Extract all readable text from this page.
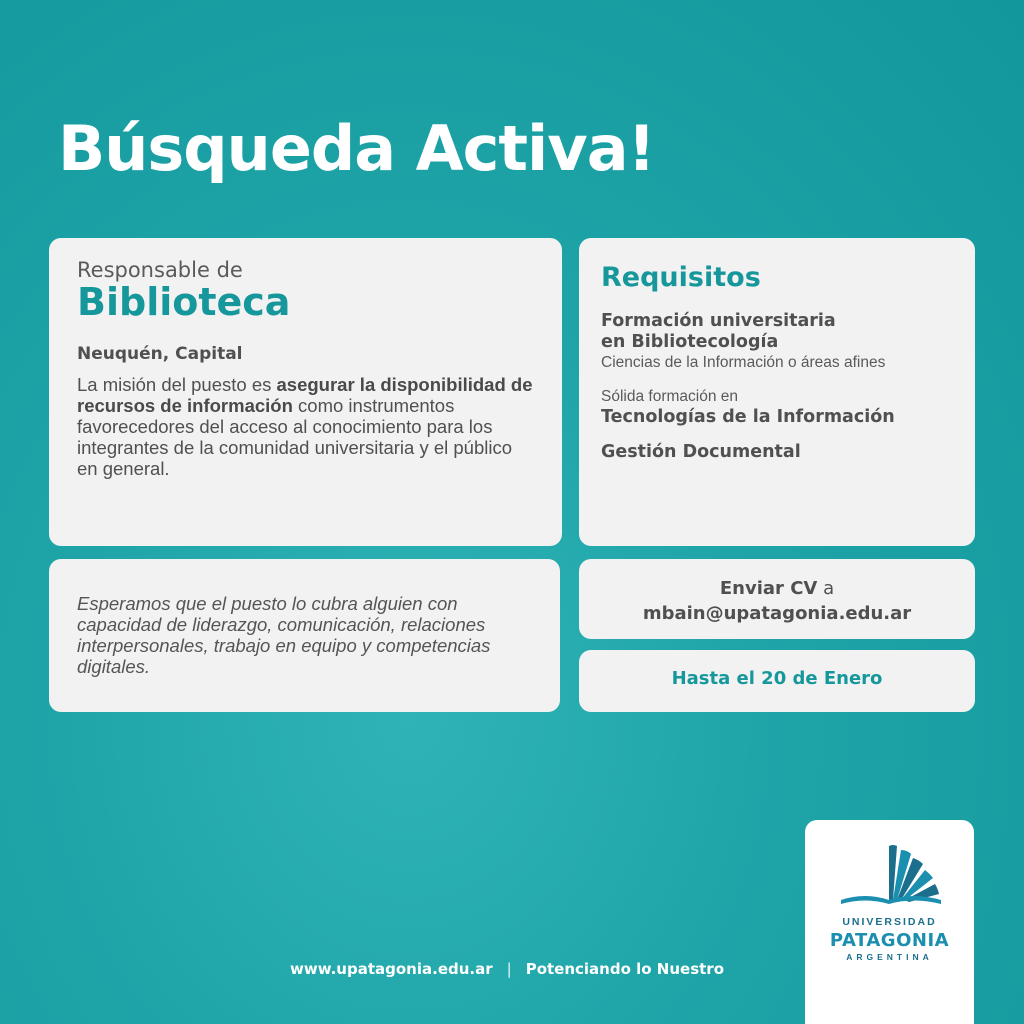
Búsqueda Activa!

Responsable de

Biblioteca

Neuquén, Capital

La misión del puesto es asegurar la disponibilidad de recursos de información como instrumentos favorecedores del acceso al conocimiento para los integrantes de la comunidad universitaria y el público en general.

Requisitos

Formación universitaria

en Bibliotecología

Ciencias de la Información o áreas afines

Sólida formación en

Tecnologías de la Información

Gestión Documental

Esperamos que el puesto lo cubra alguien con capacidad de liderazgo, comunicación, relaciones interpersonales, trabajo en equipo y competencias digitales.

Enviar CV a

mbain@upatagonia.edu.ar

Hasta el 20 de Enero

www.upatagonia.edu.ar | Potenciando lo Nuestro
UNIVERSIDAD
PATAGONIA
ARGENTINA
